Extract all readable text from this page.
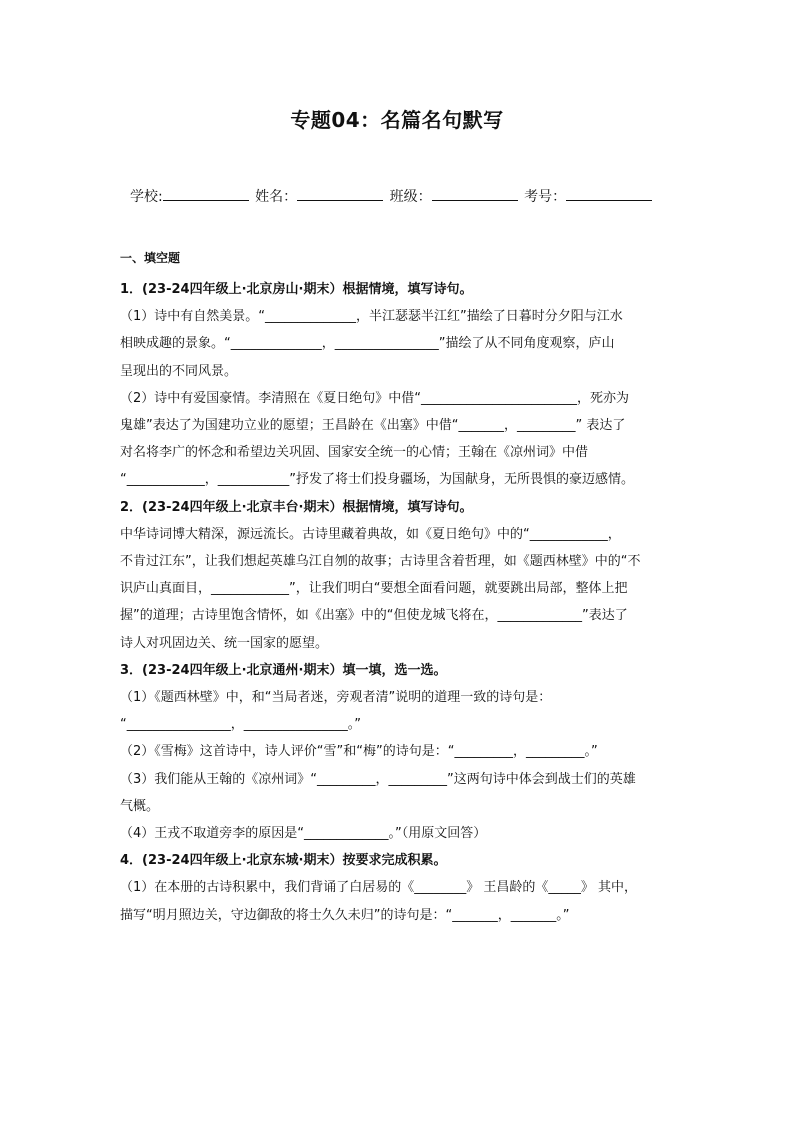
专题04：名篇名句默写
学校:	姓名：	班级：	考号：
一、填空题

1．(23-24四年级上·北京房山·期末）根据情境，填写诗句。

（1）诗中有自然美景。“______________，半江瑟瑟半江红”描绘了日暮时分夕阳与江水

相映成趣的景象。“______________，________________”描绘了从不同角度观察，庐山

呈现出的不同风景。

（2）诗中有爱国豪情。李清照在《夏日绝句》中借“________________________，死亦为

鬼雄”表达了为国建功立业的愿望；王昌龄在《出塞》中借“_______，_________” 表达了

对名将李广的怀念和希望边关巩固、国家安全统一的心情；王翰在《凉州词》中借

“____________，___________”抒发了将士们投身疆场，为国献身，无所畏惧的豪迈感情。

2．(23-24四年级上·北京丰台·期末）根据情境，填写诗句。

中华诗词博大精深，源远流长。古诗里藏着典故，如《夏日绝句》中的“____________，

不肯过江东”，让我们想起英雄乌江自刎的故事；古诗里含着哲理，如《题西林壁》中的“不

识庐山真面目，____________”，让我们明白“要想全面看问题，就要跳出局部，整体上把

握”的道理；古诗里饱含情怀，如《出塞》中的“但使龙城飞将在，_____________”表达了

诗人对巩固边关、统一国家的愿望。

3．(23-24四年级上·北京通州·期末）填一填，选一选。

（1）《题西林壁》中，和“当局者迷，旁观者清”说明的道理一致的诗句是：

“________________，________________。”

（2）《雪梅》这首诗中，诗人评价“雪”和“梅”的诗句是：“_________，_________。”

（3）我们能从王翰的《凉州词》“_________，_________”这两句诗中体会到战士们的英雄

气概。

（4）王戎不取道旁李的原因是“_____________。”（用原文回答）

4．(23-24四年级上·北京东城·期末）按要求完成积累。

（1）在本册的古诗积累中，我们背诵了白居易的《________》 王昌龄的《_____》 其中，

描写“明月照边关，守边御敌的将士久久未归”的诗句是：“_______，_______。”
